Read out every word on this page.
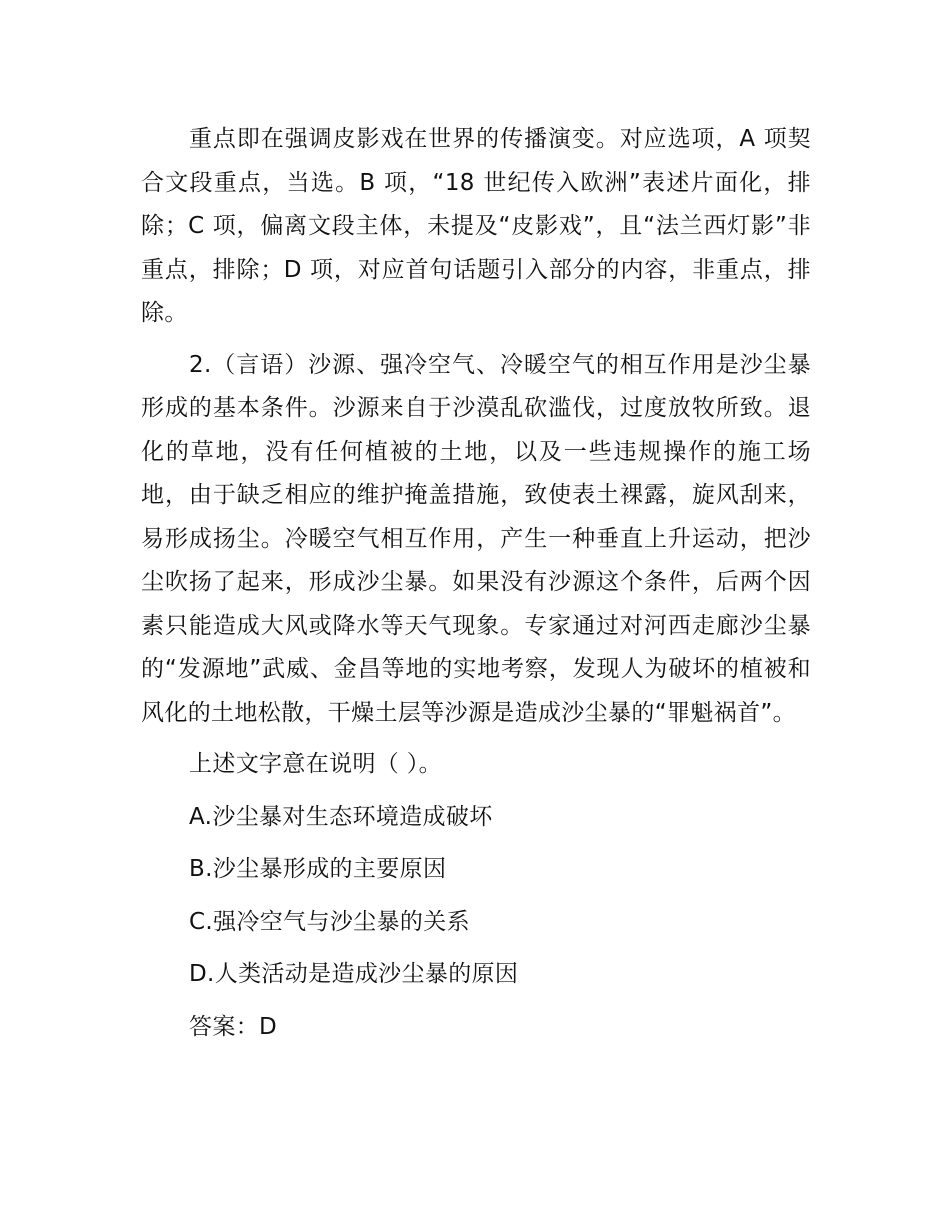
重点即在强调皮影戏在世界的传播演变。对应选项，A 项契合文段重点，当选。B 项，“18 世纪传入欧洲”表述片面化，排除；C 项，偏离文段主体，未提及“皮影戏”，且“法兰西灯影”非重点，排除；D 项，对应首句话题引入部分的内容，非重点，排除。

2.（言语）沙源、强冷空气、冷暖空气的相互作用是沙尘暴形成的基本条件。沙源来自于沙漠乱砍滥伐，过度放牧所致。退化的草地，没有任何植被的土地，以及一些违规操作的施工场地，由于缺乏相应的维护掩盖措施，致使表土裸露，旋风刮来，易形成扬尘。冷暖空气相互作用，产生一种垂直上升运动，把沙尘吹扬了起来，形成沙尘暴。如果没有沙源这个条件，后两个因素只能造成大风或降水等天气现象。专家通过对河西走廊沙尘暴的“发源地”武威、金昌等地的实地考察，发现人为破坏的植被和风化的土地松散，干燥土层等沙源是造成沙尘暴的“罪魁祸首”。

上述文字意在说明（ ）。

A.沙尘暴对生态环境造成破坏

B.沙尘暴形成的主要原因

C.强冷空气与沙尘暴的关系

D.人类活动是造成沙尘暴的原因

答案：D
